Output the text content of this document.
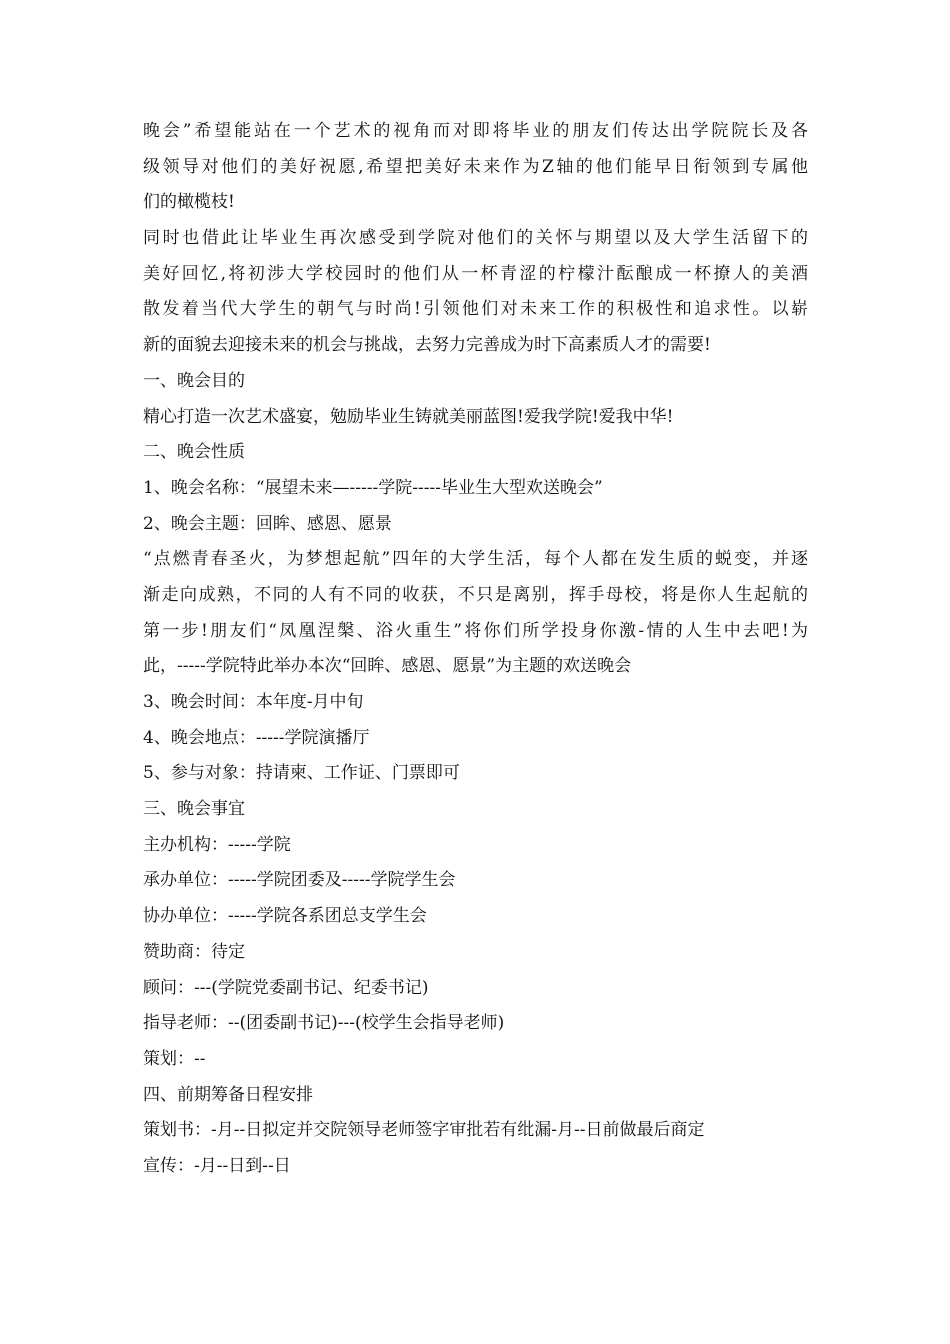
晚会”希望能站在一个艺术的视角而对即将毕业的朋友们传达出学院院长及各
级领导对他们的美好祝愿,希望把美好未来作为Z轴的他们能早日衔领到专属他
们的橄榄枝!
同时也借此让毕业生再次感受到学院对他们的关怀与期望以及大学生活留下的
美好回忆,将初涉大学校园时的他们从一杯青涩的柠檬汁酝酿成一杯撩人的美酒
散发着当代大学生的朝气与时尚!引领他们对未来工作的积极性和追求性。以崭
新的面貌去迎接未来的机会与挑战，去努力完善成为时下高素质人才的需要!
一、晚会目的
精心打造一次艺术盛宴，勉励毕业生铸就美丽蓝图!爱我学院!爱我中华!
二、晚会性质
1、晚会名称：“展望未来—-----学院-----毕业生大型欢送晚会”
2、晚会主题：回眸、感恩、愿景
“点燃青春圣火，为梦想起航”四年的大学生活，每个人都在发生质的蜕变，并逐
渐走向成熟，不同的人有不同的收获，不只是离别，挥手母校，将是你人生起航的
第一步!朋友们“凤凰涅槃、浴火重生”将你们所学投身你激-情的人生中去吧!为
此，-----学院特此举办本次“回眸、感恩、愿景”为主题的欢送晚会
3、晚会时间：本年度-月中旬
4、晚会地点：-----学院演播厅
5、参与对象：持请柬、工作证、门票即可
三、晚会事宜
主办机构：-----学院
承办单位：-----学院团委及-----学院学生会
协办单位：-----学院各系团总支学生会
赞助商：待定
顾问：---(学院党委副书记、纪委书记)
指导老师：--(团委副书记)---(校学生会指导老师)
策划：--
四、前期筹备日程安排
策划书：-月--日拟定并交院领导老师签字审批若有纰漏-月--日前做最后商定
宣传：-月--日到--日
